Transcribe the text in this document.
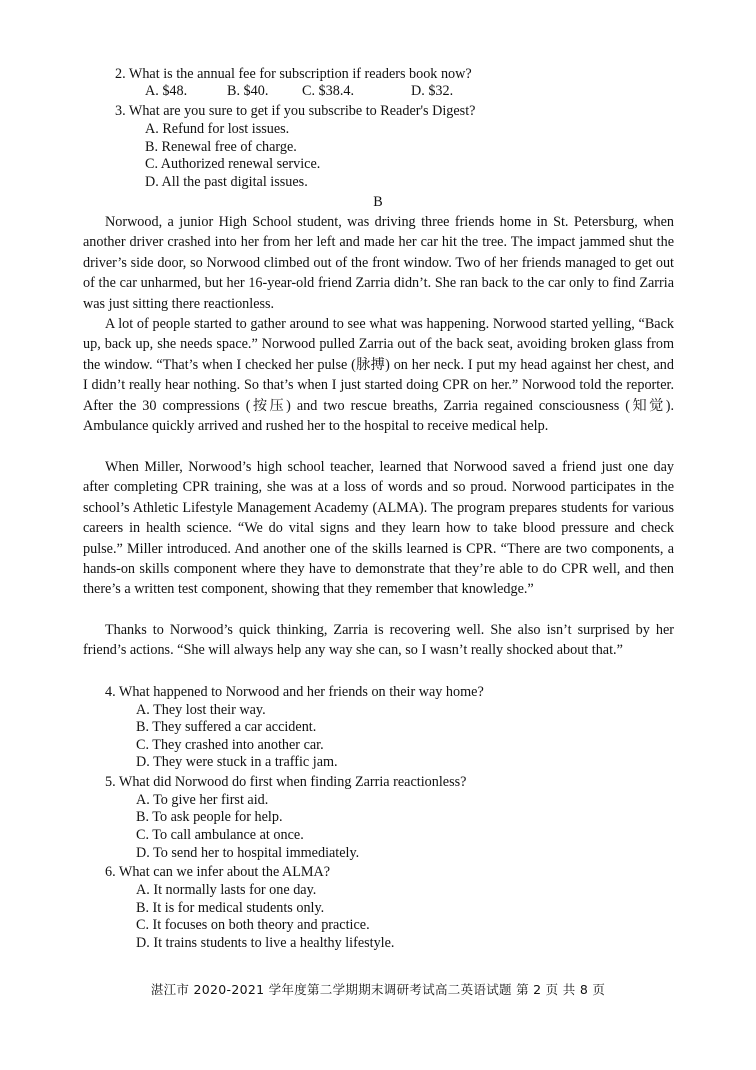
2. What is the annual fee for subscription if readers book now?
A. $48.	B. $40. C. $38.4.	D. $32.
3. What are you sure to get if you subscribe to Reader's Digest?
A. Refund for lost issues.
B. Renewal free of charge.
C. Authorized renewal service.
D. All the past digital issues.
B

Norwood, a junior High School student, was driving three friends home in St. Petersburg, when another driver crashed into her from her left and made her car hit the tree. The impact jammed shut the driver’s side door, so Norwood climbed out of the front window. Two of her friends managed to get out of the car unharmed, but her 16-year-old friend Zarria didn’t. She ran back to the car only to find Zarria was just sitting there reactionless.

A lot of people started to gather around to see what was happening. Norwood started yelling, “Back up, back up, she needs space.” Norwood pulled Zarria out of the back seat, avoiding broken glass from the window. “That’s when I checked her pulse (脉搏) on her neck. I put my head against her chest, and I didn’t really hear nothing. So that’s when I just started doing CPR on her.” Norwood told the reporter. After the 30 compressions (按压) and two rescue breaths, Zarria regained consciousness (知觉). Ambulance quickly arrived and rushed her to the hospital to receive medical help.

When Miller, Norwood’s high school teacher, learned that Norwood saved a friend just one day after completing CPR training, she was at a loss of words and so proud. Norwood participates in the school’s Athletic Lifestyle Management Academy (ALMA). The program prepares students for various careers in health science. “We do vital signs and they learn how to take blood pressure and check pulse.” Miller introduced. And another one of the skills learned is CPR. “There are two components, a hands-on skills component where they have to demonstrate that they’re able to do CPR well, and then there’s a written test component, showing that they remember that knowledge.”

Thanks to Norwood’s quick thinking, Zarria is recovering well. She also isn’t surprised by her friend’s actions. “She will always help any way she can, so I wasn’t really shocked about that.”

4. What happened to Norwood and her friends on their way home?
A. They lost their way.
B. They suffered a car accident.
C. They crashed into another car.
D. They were stuck in a traffic jam.
5. What did Norwood do first when finding Zarria reactionless?
A. To give her first aid.
B. To ask people for help.
C. To call ambulance at once.
D. To send her to hospital immediately.
6. What can we infer about the ALMA?
A. It normally lasts for one day.
B. It is for medical students only.
C. It focuses on both theory and practice.
D. It trains students to live a healthy lifestyle.
湛江市 2020-2021 学年度第二学期期末调研考试高二英语试题 第 2 页 共 8 页
